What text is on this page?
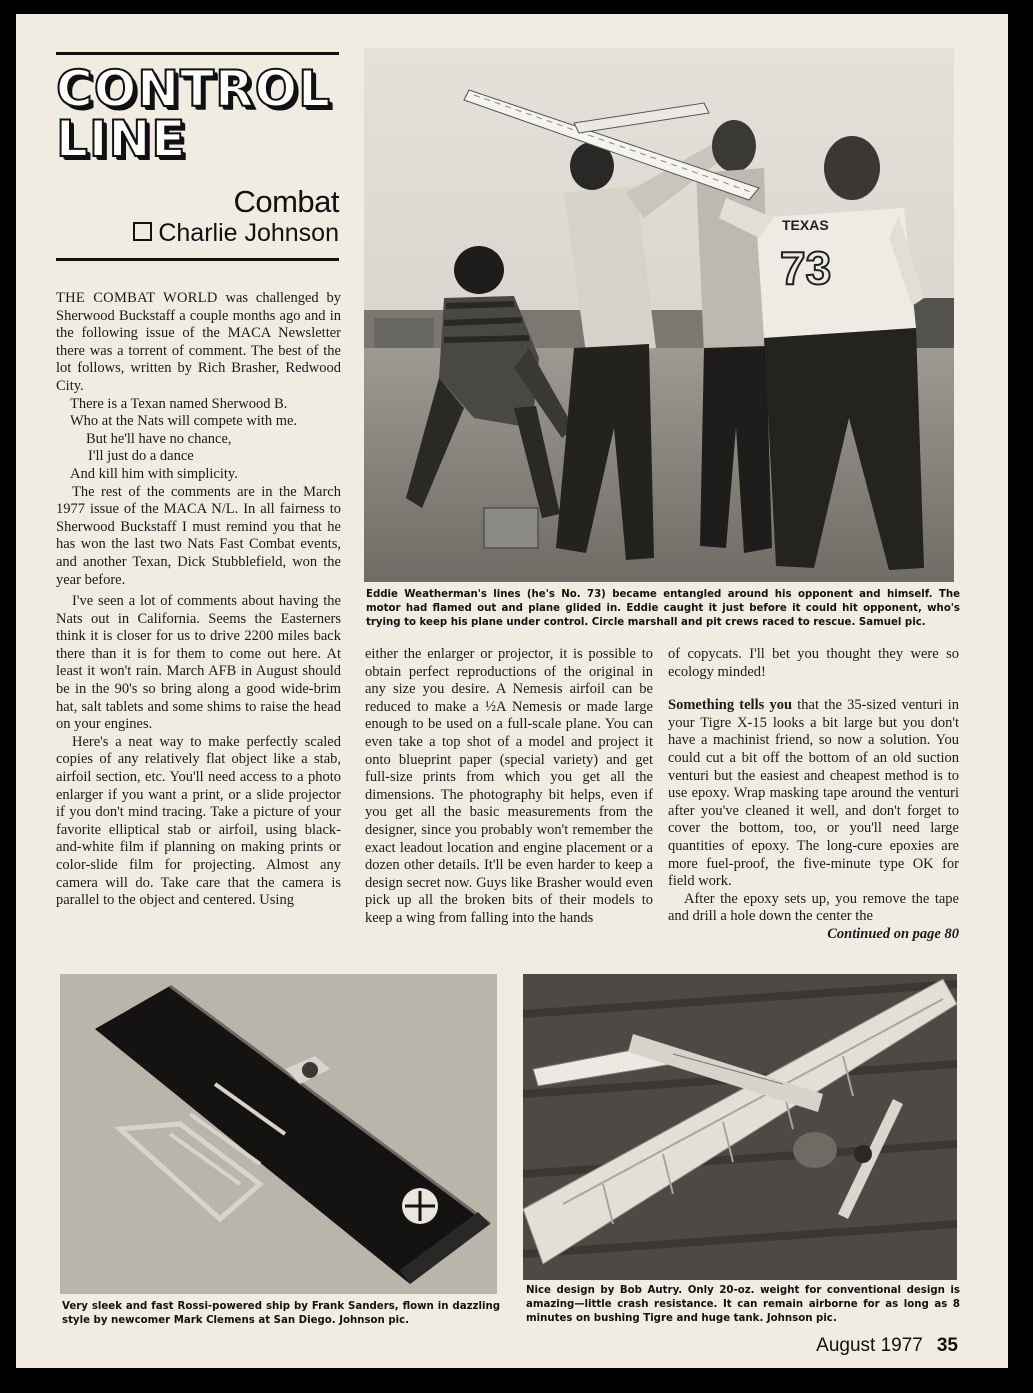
CONTROL
LINE
Combat
Charlie Johnson

THE COMBAT WORLD was challenged by Sherwood Buckstaff a couple months ago and in the following issue of the MACA Newsletter there was a torrent of comment. The best of the lot follows, written by Rich Brasher, Redwood City.

There is a Texan named Sherwood B.
Who at the Nats will compete with me.
But he'll have no chance,
I'll just do a dance
And kill him with simplicity.

The rest of the comments are in the March 1977 issue of the MACA N/L. In all fairness to Sherwood Buckstaff I must remind you that he has won the last two Nats Fast Combat events, and another Texan, Dick Stubblefield, won the year before.

I've seen a lot of comments about having the Nats out in California. Seems the Easterners think it is closer for us to drive 2200 miles back there than it is for them to come out here. At least it won't rain. March AFB in August should be in the 90's so bring along a good wide-brim hat, salt tablets and some shims to raise the head on your engines.

Here's a neat way to make perfectly scaled copies of any relatively flat object like a stab, airfoil section, etc. You'll need access to a photo enlarger if you want a print, or a slide projector if you don't mind tracing. Take a picture of your favorite elliptical stab or airfoil, using black-and-white film if planning on making prints or color-slide film for projecting. Almost any camera will do. Take care that the camera is parallel to the object and centered. Using

TEXAS
73
Eddie Weatherman's lines (he's No. 73) became entangled around his opponent and himself. The motor had flamed out and plane glided in. Eddie caught it just before it could hit opponent, who's trying to keep his plane under control. Circle marshall and pit crews raced to rescue. Samuel pic.

either the enlarger or projector, it is possible to obtain perfect reproductions of the original in any size you desire. A Nemesis airfoil can be reduced to make a ½A Nemesis or made large enough to be used on a full-scale plane. You can even take a top shot of a model and project it onto blueprint paper (special variety) and get full-size prints from which you get all the dimensions. The photography bit helps, even if you get all the basic measurements from the designer, since you probably won't remember the exact leadout location and engine placement or a dozen other details. It'll be even harder to keep a design secret now. Guys like Brasher would even pick up all the broken bits of their models to keep a wing from falling into the hands

of copycats. I'll bet you thought they were so ecology minded!

Something tells you that the 35-sized venturi in your Tigre X-15 looks a bit large but you don't have a machinist friend, so now a solution. You could cut a bit off the bottom of an old suction venturi but the easiest and cheapest method is to use epoxy. Wrap masking tape around the venturi after you've cleaned it well, and don't forget to cover the bottom, too, or you'll need large quantities of epoxy. The long-cure epoxies are more fuel-proof, the five-minute type OK for field work.

After the epoxy sets up, you remove the tape and drill a hole down the center the

Continued on page 80
Very sleek and fast Rossi-powered ship by Frank Sanders, flown in dazzling style by newcomer Mark Clemens at San Diego. Johnson pic.
Nice design by Bob Autry. Only 20-oz. weight for conventional design is amazing—little crash resistance. It can remain airborne for as long as 8 minutes on bushing Tigre and huge tank. Johnson pic.
August 1977 35
